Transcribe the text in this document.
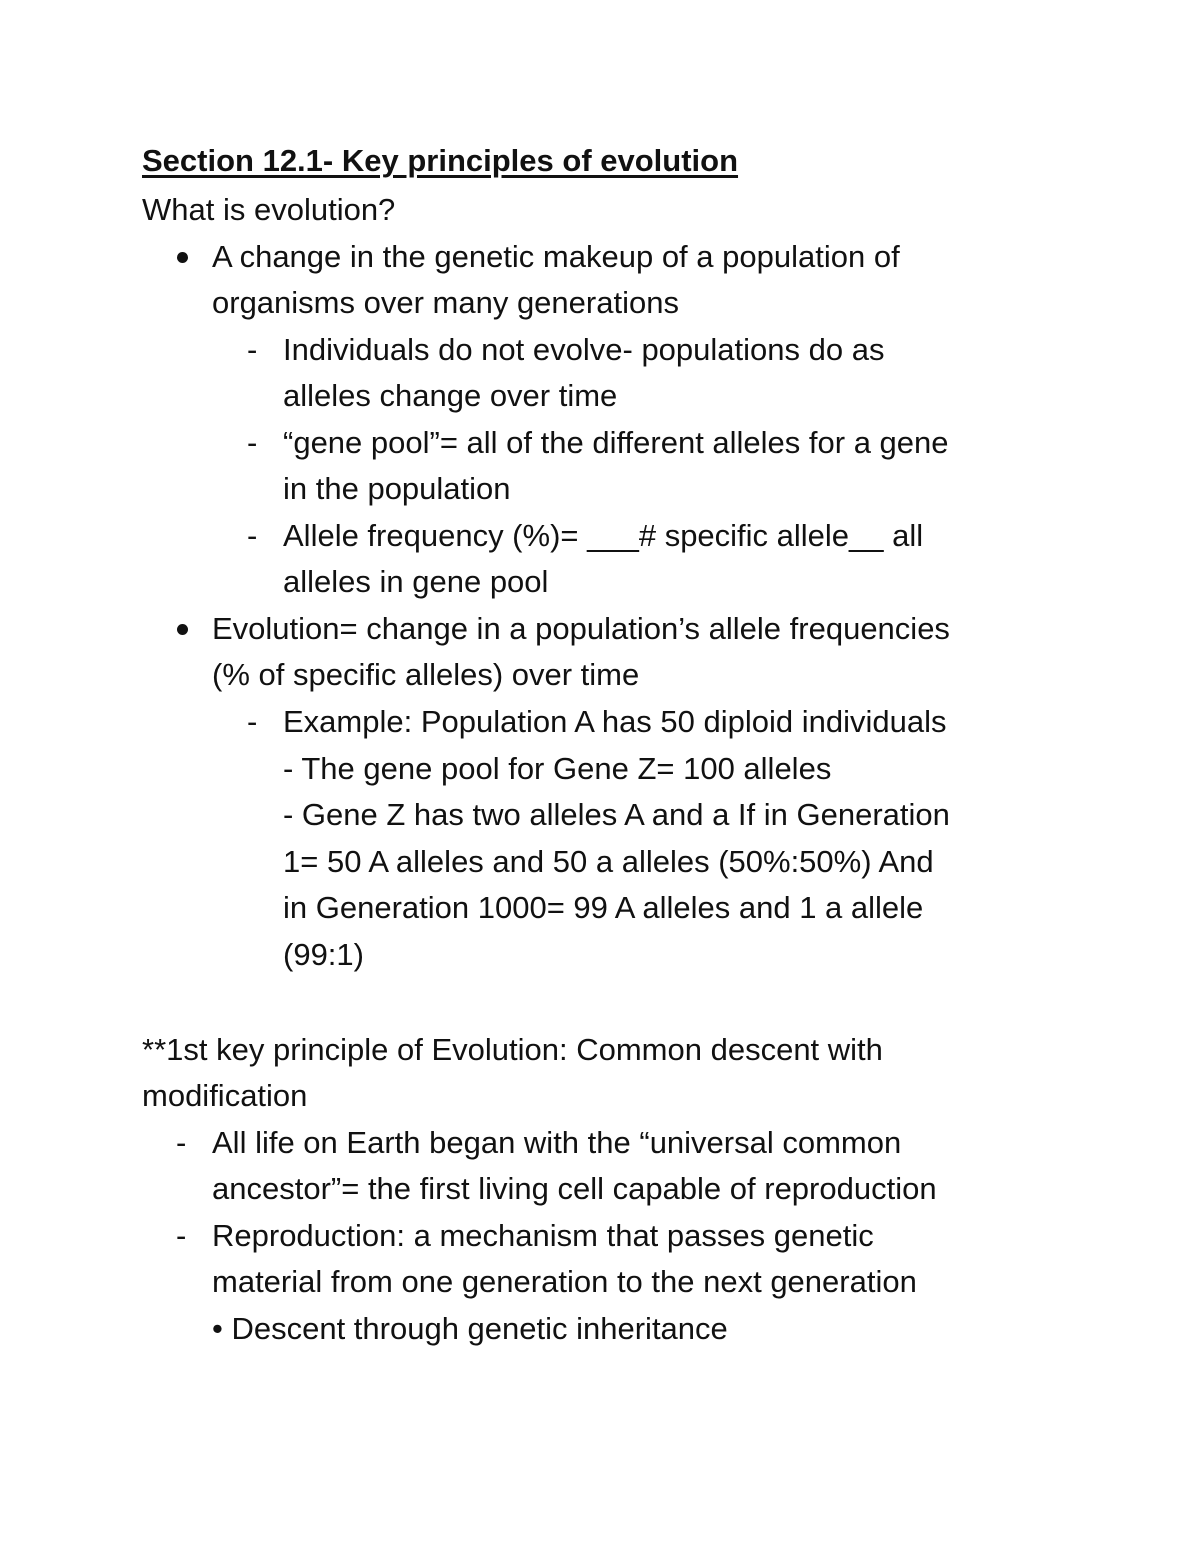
Section 12.1- Key principles of evolution
What is evolution?
A change in the genetic makeup of a population of
organisms over many generations
- Individuals do not evolve- populations do as
alleles change over time
- “gene pool”= all of the different alleles for a gene
in the population
- Allele frequency (%)= ___# specific allele__ all
alleles in gene pool
Evolution= change in a population’s allele frequencies
(% of specific alleles) over time
- Example: Population A has 50 diploid individuals
- The gene pool for Gene Z= 100 alleles
- Gene Z has two alleles A and a If in Generation
1= 50 A alleles and 50 a alleles (50%:50%) And
in Generation 1000= 99 A alleles and 1 a allele
(99:1)
**1st key principle of Evolution: Common descent with
modification
- All life on Earth began with the “universal common
ancestor”= the first living cell capable of reproduction
- Reproduction: a mechanism that passes genetic
material from one generation to the next generation
• Descent through genetic inheritance
